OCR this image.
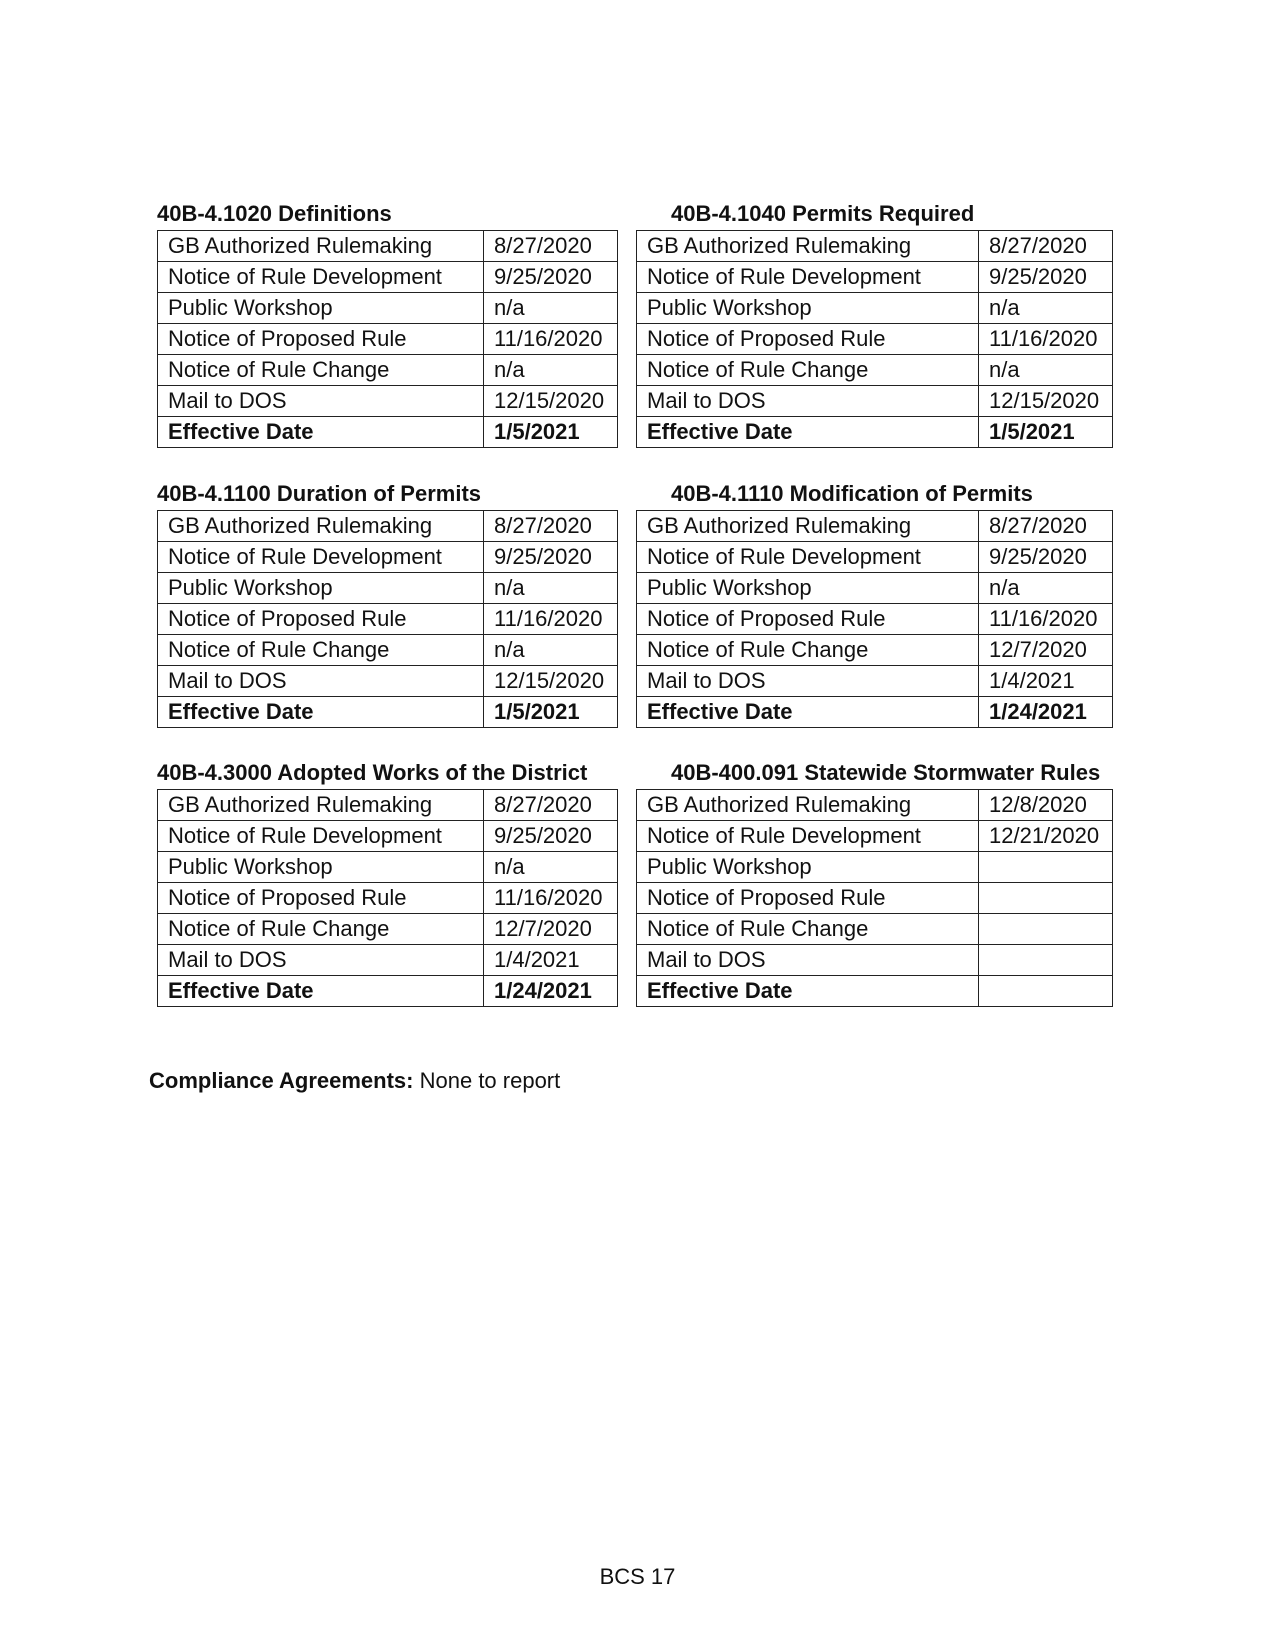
40B-4.1020 Definitions
GB Authorized Rulemaking	8/27/2020
Notice of Rule Development	9/25/2020
Public Workshop	n/a
Notice of Proposed Rule	11/16/2020
Notice of Rule Change	n/a
Mail to DOS	12/15/2020
Effective Date	1/5/2021
40B-4.1040 Permits Required
GB Authorized Rulemaking	8/27/2020
Notice of Rule Development	9/25/2020
Public Workshop	n/a
Notice of Proposed Rule	11/16/2020
Notice of Rule Change	n/a
Mail to DOS	12/15/2020
Effective Date	1/5/2021
40B-4.1100 Duration of Permits
GB Authorized Rulemaking	8/27/2020
Notice of Rule Development	9/25/2020
Public Workshop	n/a
Notice of Proposed Rule	11/16/2020
Notice of Rule Change	n/a
Mail to DOS	12/15/2020
Effective Date	1/5/2021
40B-4.1110 Modification of Permits
GB Authorized Rulemaking	8/27/2020
Notice of Rule Development	9/25/2020
Public Workshop	n/a
Notice of Proposed Rule	11/16/2020
Notice of Rule Change	12/7/2020
Mail to DOS	1/4/2021
Effective Date	1/24/2021
40B-4.3000 Adopted Works of the District
GB Authorized Rulemaking	8/27/2020
Notice of Rule Development	9/25/2020
Public Workshop	n/a
Notice of Proposed Rule	11/16/2020
Notice of Rule Change	12/7/2020
Mail to DOS	1/4/2021
Effective Date	1/24/2021
40B-400.091 Statewide Stormwater Rules
GB Authorized Rulemaking	12/8/2020
Notice of Rule Development	12/21/2020
Public Workshop	
Notice of Proposed Rule	
Notice of Rule Change	
Mail to DOS	
Effective Date	
Compliance Agreements: None to report
BCS 17
